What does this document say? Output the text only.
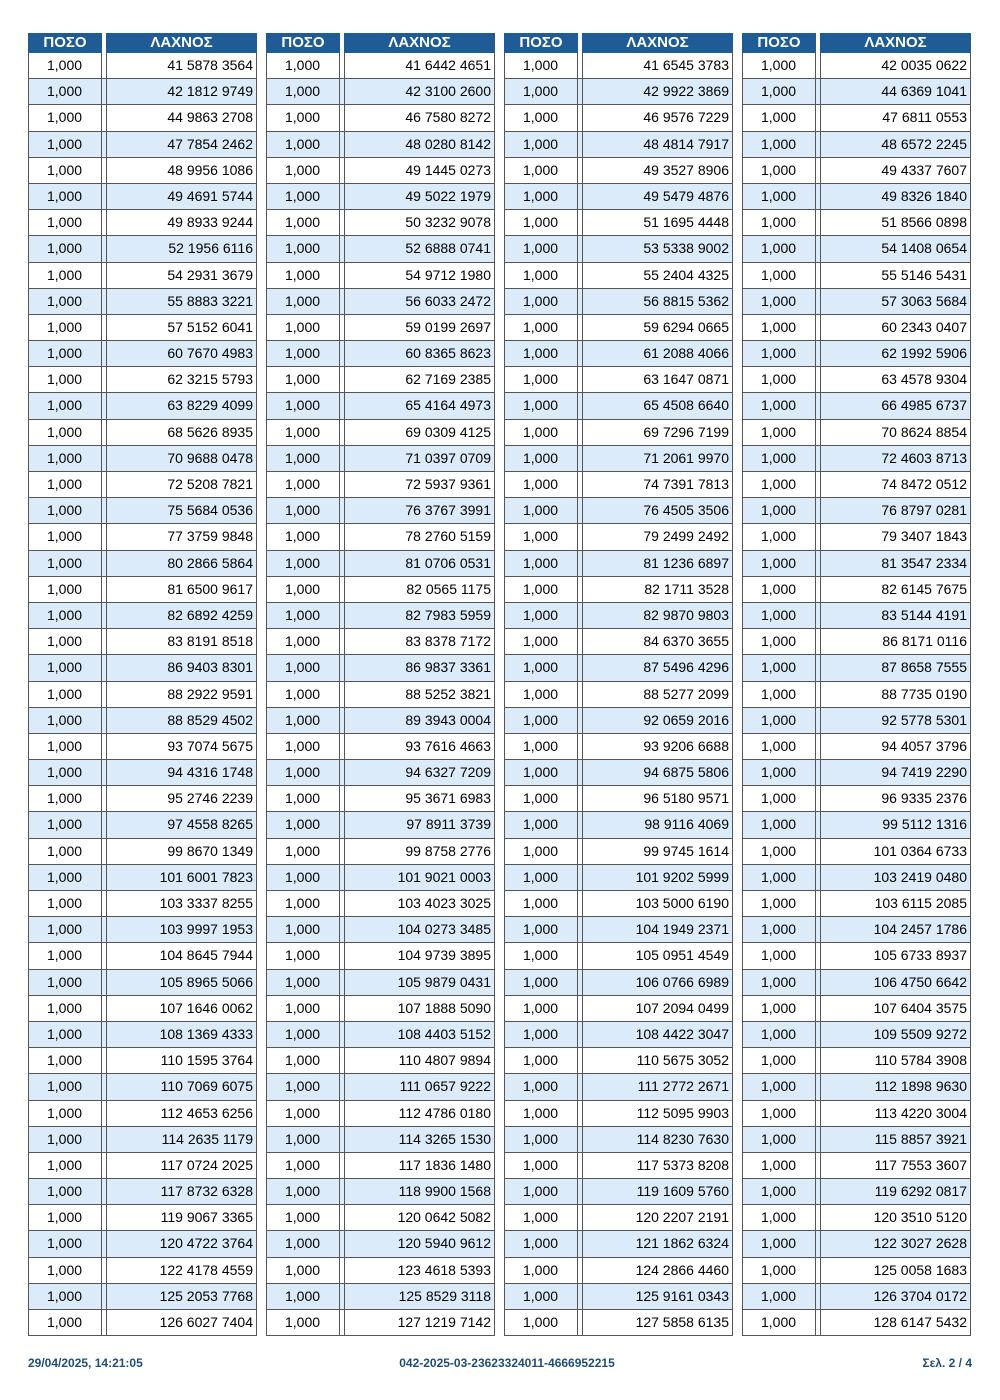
ΠΟΣΟ	ΛΑΧΝΟΣ
1,000	41 5878 3564
1,000	42 1812 9749
1,000	44 9863 2708
1,000	47 7854 2462
1,000	48 9956 1086
1,000	49 4691 5744
1,000	49 8933 9244
1,000	52 1956 6116
1,000	54 2931 3679
1,000	55 8883 3221
1,000	57 5152 6041
1,000	60 7670 4983
1,000	62 3215 5793
1,000	63 8229 4099
1,000	68 5626 8935
1,000	70 9688 0478
1,000	72 5208 7821
1,000	75 5684 0536
1,000	77 3759 9848
1,000	80 2866 5864
1,000	81 6500 9617
1,000	82 6892 4259
1,000	83 8191 8518
1,000	86 9403 8301
1,000	88 2922 9591
1,000	88 8529 4502
1,000	93 7074 5675
1,000	94 4316 1748
1,000	95 2746 2239
1,000	97 4558 8265
1,000	99 8670 1349
1,000	101 6001 7823
1,000	103 3337 8255
1,000	103 9997 1953
1,000	104 8645 7944
1,000	105 8965 5066
1,000	107 1646 0062
1,000	108 1369 4333
1,000	110 1595 3764
1,000	110 7069 6075
1,000	112 4653 6256
1,000	114 2635 1179
1,000	117 0724 2025
1,000	117 8732 6328
1,000	119 9067 3365
1,000	120 4722 3764
1,000	122 4178 4559
1,000	125 2053 7768
1,000	126 6027 7404
ΠΟΣΟ	ΛΑΧΝΟΣ
1,000	41 6442 4651
1,000	42 3100 2600
1,000	46 7580 8272
1,000	48 0280 8142
1,000	49 1445 0273
1,000	49 5022 1979
1,000	50 3232 9078
1,000	52 6888 0741
1,000	54 9712 1980
1,000	56 6033 2472
1,000	59 0199 2697
1,000	60 8365 8623
1,000	62 7169 2385
1,000	65 4164 4973
1,000	69 0309 4125
1,000	71 0397 0709
1,000	72 5937 9361
1,000	76 3767 3991
1,000	78 2760 5159
1,000	81 0706 0531
1,000	82 0565 1175
1,000	82 7983 5959
1,000	83 8378 7172
1,000	86 9837 3361
1,000	88 5252 3821
1,000	89 3943 0004
1,000	93 7616 4663
1,000	94 6327 7209
1,000	95 3671 6983
1,000	97 8911 3739
1,000	99 8758 2776
1,000	101 9021 0003
1,000	103 4023 3025
1,000	104 0273 3485
1,000	104 9739 3895
1,000	105 9879 0431
1,000	107 1888 5090
1,000	108 4403 5152
1,000	110 4807 9894
1,000	111 0657 9222
1,000	112 4786 0180
1,000	114 3265 1530
1,000	117 1836 1480
1,000	118 9900 1568
1,000	120 0642 5082
1,000	120 5940 9612
1,000	123 4618 5393
1,000	125 8529 3118
1,000	127 1219 7142
ΠΟΣΟ	ΛΑΧΝΟΣ
1,000	41 6545 3783
1,000	42 9922 3869
1,000	46 9576 7229
1,000	48 4814 7917
1,000	49 3527 8906
1,000	49 5479 4876
1,000	51 1695 4448
1,000	53 5338 9002
1,000	55 2404 4325
1,000	56 8815 5362
1,000	59 6294 0665
1,000	61 2088 4066
1,000	63 1647 0871
1,000	65 4508 6640
1,000	69 7296 7199
1,000	71 2061 9970
1,000	74 7391 7813
1,000	76 4505 3506
1,000	79 2499 2492
1,000	81 1236 6897
1,000	82 1711 3528
1,000	82 9870 9803
1,000	84 6370 3655
1,000	87 5496 4296
1,000	88 5277 2099
1,000	92 0659 2016
1,000	93 9206 6688
1,000	94 6875 5806
1,000	96 5180 9571
1,000	98 9116 4069
1,000	99 9745 1614
1,000	101 9202 5999
1,000	103 5000 6190
1,000	104 1949 2371
1,000	105 0951 4549
1,000	106 0766 6989
1,000	107 2094 0499
1,000	108 4422 3047
1,000	110 5675 3052
1,000	111 2772 2671
1,000	112 5095 9903
1,000	114 8230 7630
1,000	117 5373 8208
1,000	119 1609 5760
1,000	120 2207 2191
1,000	121 1862 6324
1,000	124 2866 4460
1,000	125 9161 0343
1,000	127 5858 6135
ΠΟΣΟ	ΛΑΧΝΟΣ
1,000	42 0035 0622
1,000	44 6369 1041
1,000	47 6811 0553
1,000	48 6572 2245
1,000	49 4337 7607
1,000	49 8326 1840
1,000	51 8566 0898
1,000	54 1408 0654
1,000	55 5146 5431
1,000	57 3063 5684
1,000	60 2343 0407
1,000	62 1992 5906
1,000	63 4578 9304
1,000	66 4985 6737
1,000	70 8624 8854
1,000	72 4603 8713
1,000	74 8472 0512
1,000	76 8797 0281
1,000	79 3407 1843
1,000	81 3547 2334
1,000	82 6145 7675
1,000	83 5144 4191
1,000	86 8171 0116
1,000	87 8658 7555
1,000	88 7735 0190
1,000	92 5778 5301
1,000	94 4057 3796
1,000	94 7419 2290
1,000	96 9335 2376
1,000	99 5112 1316
1,000	101 0364 6733
1,000	103 2419 0480
1,000	103 6115 2085
1,000	104 2457 1786
1,000	105 6733 8937
1,000	106 4750 6642
1,000	107 6404 3575
1,000	109 5509 9272
1,000	110 5784 3908
1,000	112 1898 9630
1,000	113 4220 3004
1,000	115 8857 3921
1,000	117 7553 3607
1,000	119 6292 0817
1,000	120 3510 5120
1,000	122 3027 2628
1,000	125 0058 1683
1,000	126 3704 0172
1,000	128 6147 5432
29/04/2025, 14:21:05	042-2025-03-23623324011-4666952215	Σελ. 2 / 4
